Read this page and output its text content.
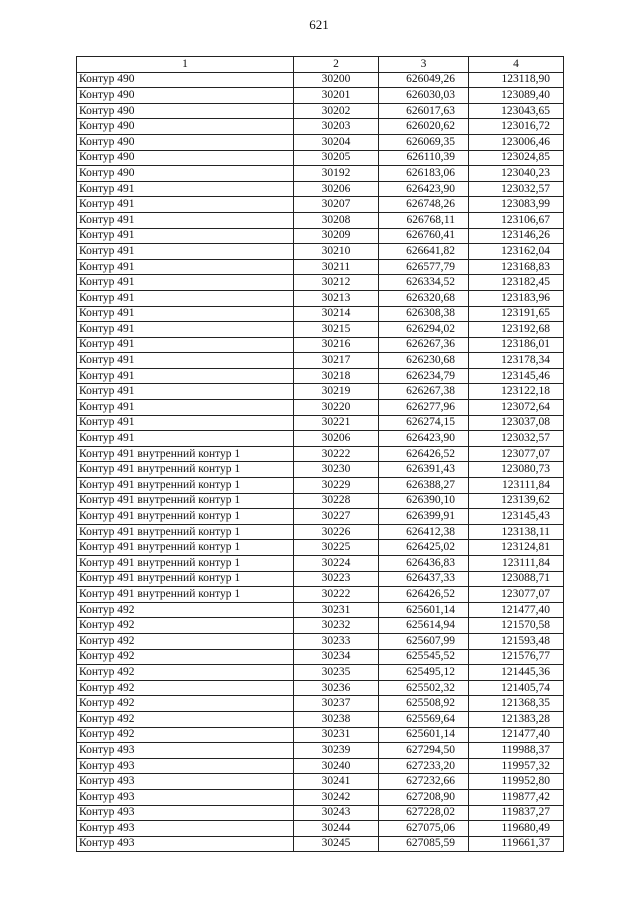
621
1	2	3	4
Контур 490	30200	626049,26	123118,90
Контур 490	30201	626030,03	123089,40
Контур 490	30202	626017,63	123043,65
Контур 490	30203	626020,62	123016,72
Контур 490	30204	626069,35	123006,46
Контур 490	30205	626110,39	123024,85
Контур 490	30192	626183,06	123040,23
Контур 491	30206	626423,90	123032,57
Контур 491	30207	626748,26	123083,99
Контур 491	30208	626768,11	123106,67
Контур 491	30209	626760,41	123146,26
Контур 491	30210	626641,82	123162,04
Контур 491	30211	626577,79	123168,83
Контур 491	30212	626334,52	123182,45
Контур 491	30213	626320,68	123183,96
Контур 491	30214	626308,38	123191,65
Контур 491	30215	626294,02	123192,68
Контур 491	30216	626267,36	123186,01
Контур 491	30217	626230,68	123178,34
Контур 491	30218	626234,79	123145,46
Контур 491	30219	626267,38	123122,18
Контур 491	30220	626277,96	123072,64
Контур 491	30221	626274,15	123037,08
Контур 491	30206	626423,90	123032,57
Контур 491 внутренний контур 1	30222	626426,52	123077,07
Контур 491 внутренний контур 1	30230	626391,43	123080,73
Контур 491 внутренний контур 1	30229	626388,27	123111,84
Контур 491 внутренний контур 1	30228	626390,10	123139,62
Контур 491 внутренний контур 1	30227	626399,91	123145,43
Контур 491 внутренний контур 1	30226	626412,38	123138,11
Контур 491 внутренний контур 1	30225	626425,02	123124,81
Контур 491 внутренний контур 1	30224	626436,83	123111,84
Контур 491 внутренний контур 1	30223	626437,33	123088,71
Контур 491 внутренний контур 1	30222	626426,52	123077,07
Контур 492	30231	625601,14	121477,40
Контур 492	30232	625614,94	121570,58
Контур 492	30233	625607,99	121593,48
Контур 492	30234	625545,52	121576,77
Контур 492	30235	625495,12	121445,36
Контур 492	30236	625502,32	121405,74
Контур 492	30237	625508,92	121368,35
Контур 492	30238	625569,64	121383,28
Контур 492	30231	625601,14	121477,40
Контур 493	30239	627294,50	119988,37
Контур 493	30240	627233,20	119957,32
Контур 493	30241	627232,66	119952,80
Контур 493	30242	627208,90	119877,42
Контур 493	30243	627228,02	119837,27
Контур 493	30244	627075,06	119680,49
Контур 493	30245	627085,59	119661,37
